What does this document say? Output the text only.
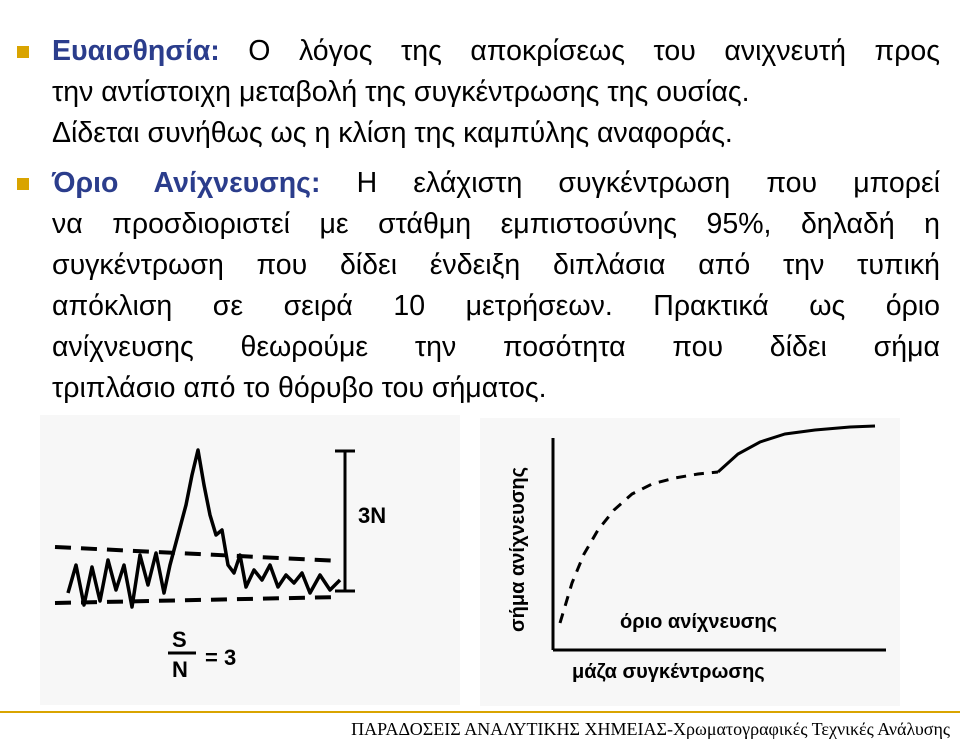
Ευαισθησία: Ο λόγος της αποκρίσεως του ανιχνευτή προς
την αντίστοιχη μεταβολή της συγκέντρωσης της ουσίας.
Δίδεται συνήθως ως η κλίση της καμπύλης αναφοράς.
Όριο Ανίχνευσης: Η ελάχιστη συγκέντρωση που μπορεί
να προσδιοριστεί με στάθμη εμπιστοσύνης 95%, δηλαδή η
συγκέντρωση που δίδει ένδειξη διπλάσια από την τυπική
απόκλιση σε σειρά 10 μετρήσεων. Πρακτικά ως όριο
ανίχνευσης θεωρούμε την ποσότητα που δίδει σήμα
τριπλάσιο από το θόρυβο του σήματος.
3N
S
N = 3
σήμα ανίχνευσης
μάζα συγκέντρωσης
όριο ανίχνευσης
ΠΑΡΑΔΟΣΕΙΣ ΑΝΑΛΥΤΙΚΗΣ ΧΗΜΕΙΑΣ-Χρωματογραφικές Τεχνικές Ανάλυσης
